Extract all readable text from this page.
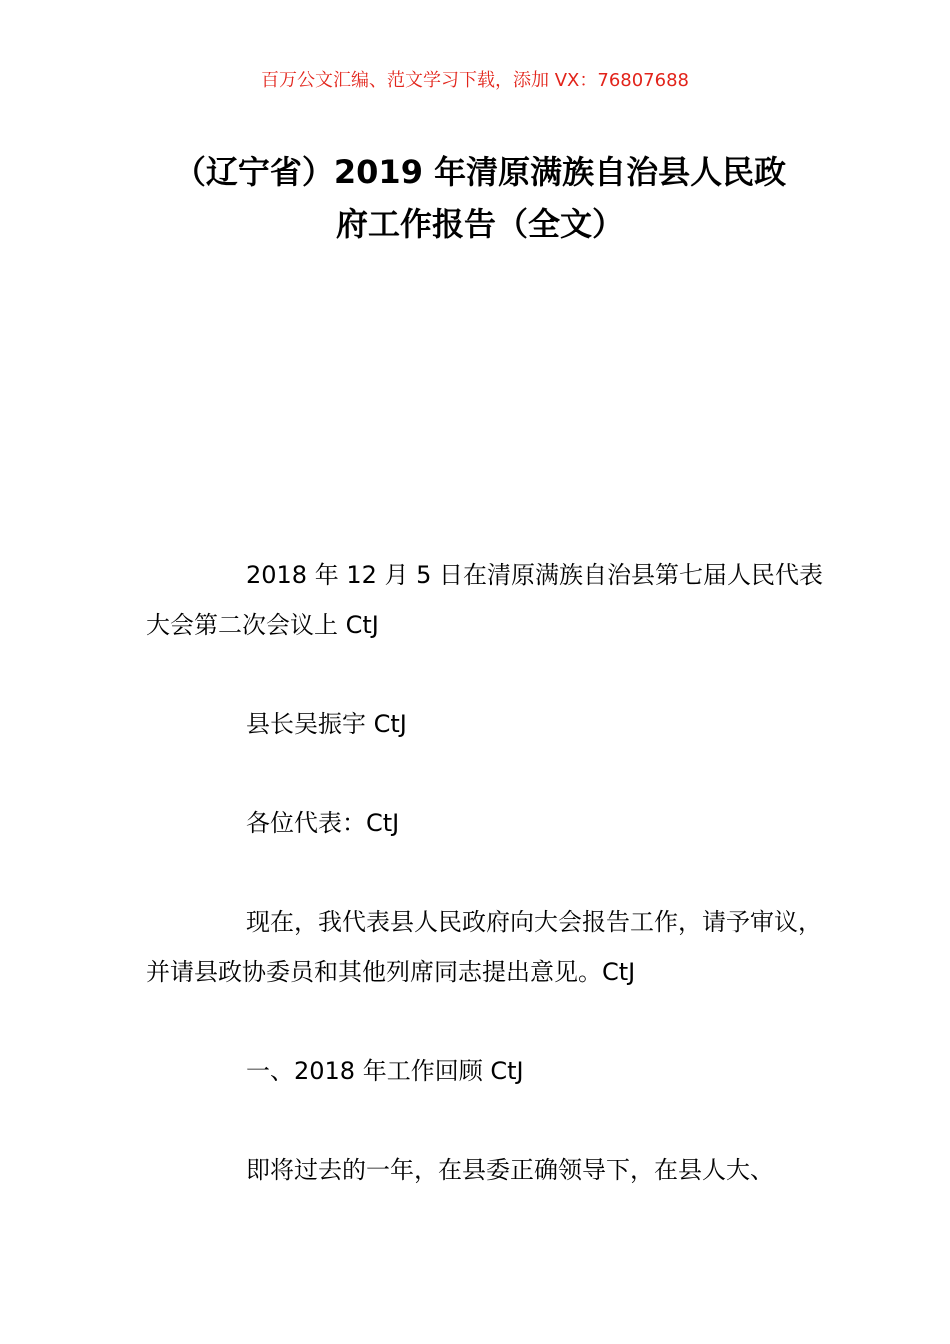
百万公文汇编、范文学习下载，添加 VX：76807688
（辽宁省）2019 年清原满族自治县人民政
府工作报告（全文）

2018 年 12 月 5 日在清原满族自治县第七届人民代表大会第二次会议上 CtJ

县长吴振宇 CtJ

各位代表：CtJ

现在，我代表县人民政府向大会报告工作，请予审议，并请县政协委员和其他列席同志提出意见。CtJ

一、2018 年工作回顾 CtJ

即将过去的一年，在县委正确领导下，在县人大、
